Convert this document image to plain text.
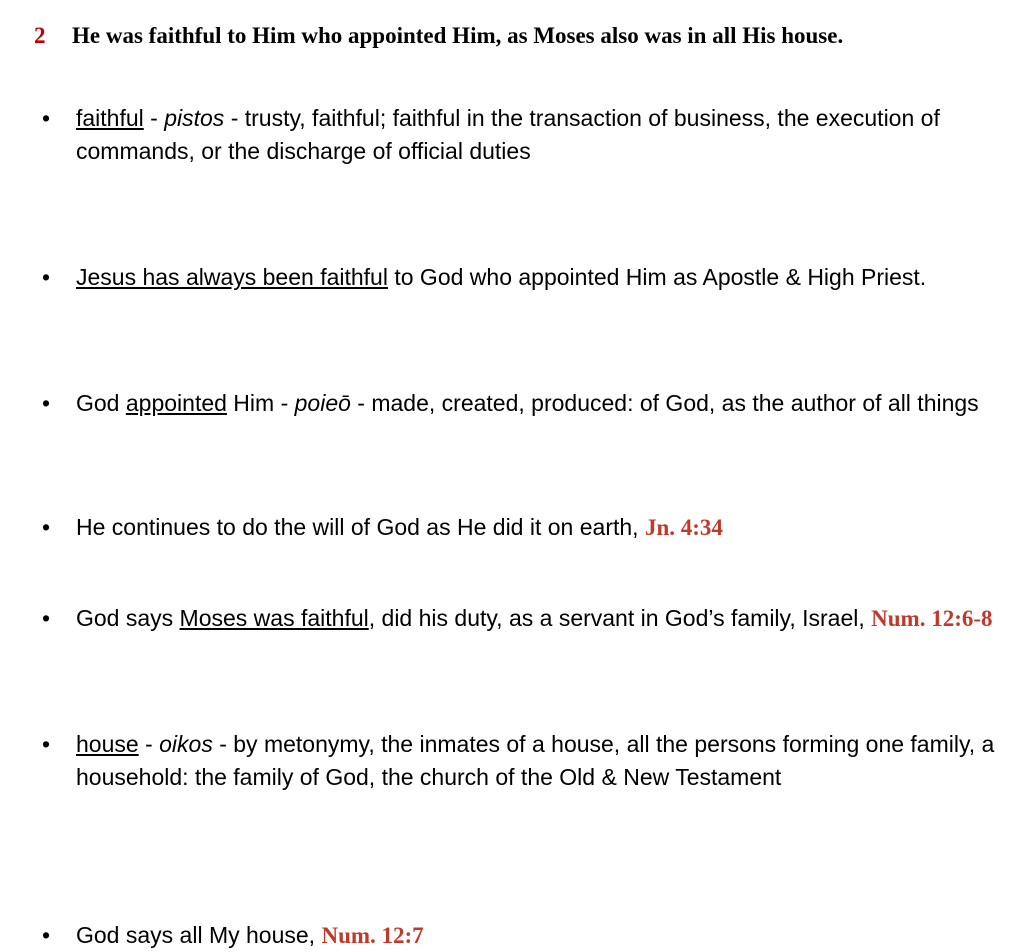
2 He was faithful to Him who appointed Him, as Moses also was in all His house.
• faithful - pistos - trusty, faithful; faithful in the transaction of business, the execution of commands, or the discharge of official duties
• Jesus has always been faithful to God who appointed Him as Apostle & High Priest.
• God appointed Him - poieō - made, created, produced: of God, as the author of all things
• He continues to do the will of God as He did it on earth, Jn. 4:34
• God says Moses was faithful, did his duty, as a servant in God’s family, Israel, Num. 12:6-8
• house - oikos - by metonymy, the inmates of a house, all the persons forming one family, a household: the family of God, the church of the Old & New Testament
• God says all My house, Num. 12:7
